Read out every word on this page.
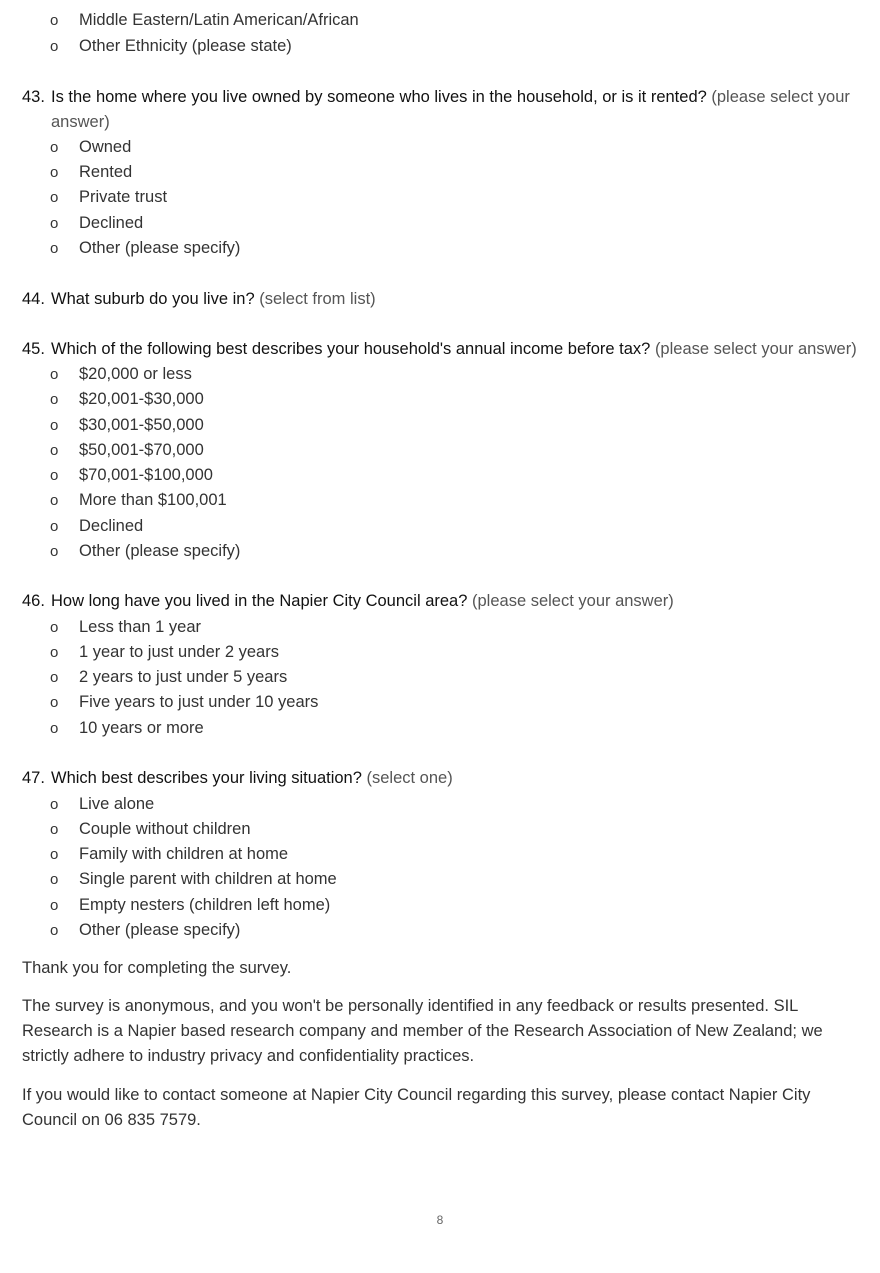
o Middle Eastern/Latin American/African
o Other Ethnicity (please state)
43. Is the home where you live owned by someone who lives in the household, or is it rented? (please select your answer)
o Owned
o Rented
o Private trust
o Declined
o Other (please specify)
44. What suburb do you live in? (select from list)
45. Which of the following best describes your household's annual income before tax? (please select your answer)
o $20,000 or less
o $20,001-$30,000
o $30,001-$50,000
o $50,001-$70,000
o $70,001-$100,000
o More than $100,001
o Declined
o Other (please specify)
46. How long have you lived in the Napier City Council area? (please select your answer)
o Less than 1 year
o 1 year to just under 2 years
o 2 years to just under 5 years
o Five years to just under 10 years
o 10 years or more
47. Which best describes your living situation? (select one)
o Live alone
o Couple without children
o Family with children at home
o Single parent with children at home
o Empty nesters (children left home)
o Other (please specify)
Thank you for completing the survey.
The survey is anonymous, and you won't be personally identified in any feedback or results presented. SIL Research is a Napier based research company and member of the Research Association of New Zealand; we strictly adhere to industry privacy and confidentiality practices.
If you would like to contact someone at Napier City Council regarding this survey, please contact Napier City Council on 06 835 7579.
8
